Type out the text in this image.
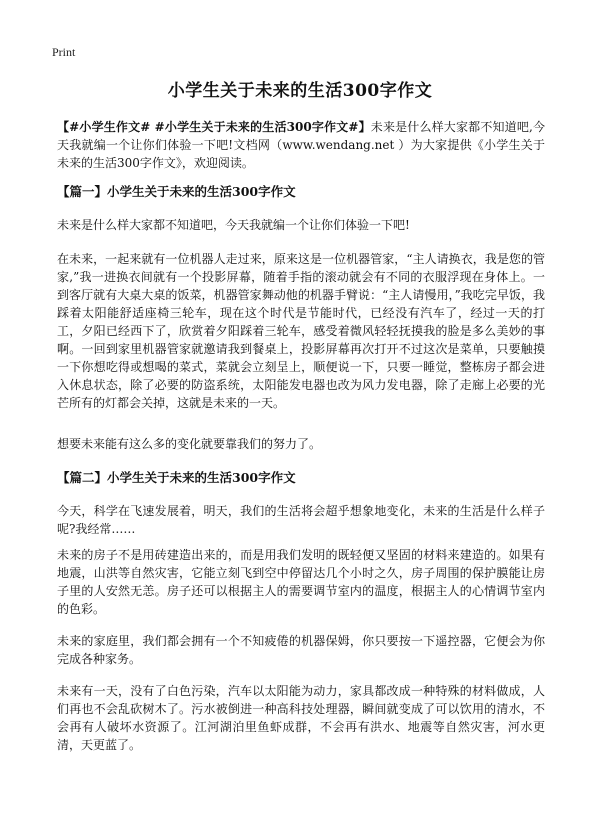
Print
小学生关于未来的生活300字作文

【#小学生作文# #小学生关于未来的生活300字作文#】未来是什么样大家都不知道吧,今天我就编一个让你们体验一下吧!文档网（www.wendang.net ）为大家提供《小学生关于未来的生活300字作文》，欢迎阅读。

【篇一】小学生关于未来的生活300字作文

未来是什么样大家都不知道吧，今天我就编一个让你们体验一下吧!

在未来，一起来就有一位机器人走过来，原来这是一位机器管家，“主人请换衣，我是您的管家,”我一进换衣间就有一个投影屏幕，随着手指的滚动就会有不同的衣服浮现在身体上。一到客厅就有大桌大桌的饭菜，机器管家舞动他的机器手臂说：“主人请慢用，”我吃完早饭，我踩着太阳能舒适座椅三轮车，现在这个时代是节能时代，已经没有汽车了，经过一天的打工，夕阳已经西下了，欣赏着夕阳踩着三轮车，感受着微风轻轻抚摸我的脸是多么美妙的事啊。一回到家里机器管家就邀请我到餐桌上，投影屏幕再次打开不过这次是菜单，只要触摸一下你想吃得或想喝的菜式，菜就会立刻呈上，顺便说一下，只要一睡觉，整栋房子都会进入休息状态，除了必要的防盗系统，太阳能发电器也改为风力发电器，除了走廊上必要的光芒所有的灯都会关掉，这就是未来的一天。

想要未来能有这么多的变化就要靠我们的努力了。

【篇二】小学生关于未来的生活300字作文

今天，科学在飞速发展着，明天，我们的生活将会超乎想象地变化，未来的生活是什么样子呢?我经常……

未来的房子不是用砖建造出来的，而是用我们发明的既轻便又坚固的材料来建造的。如果有地震，山洪等自然灾害，它能立刻飞到空中停留达几个小时之久，房子周围的保护膜能让房子里的人安然无恙。房子还可以根据主人的需要调节室内的温度，根据主人的心情调节室内的色彩。

未来的家庭里，我们都会拥有一个不知疲倦的机器保姆，你只要按一下遥控器，它便会为你完成各种家务。

未来有一天，没有了白色污染，汽车以太阳能为动力，家具都改成一种特殊的材料做成，人们再也不会乱砍树木了。污水被倒进一种高科技处理器，瞬间就变成了可以饮用的清水，不会再有人破坏水资源了。江河湖泊里鱼虾成群，不会再有洪水、地震等自然灾害，河水更清，天更蓝了。
